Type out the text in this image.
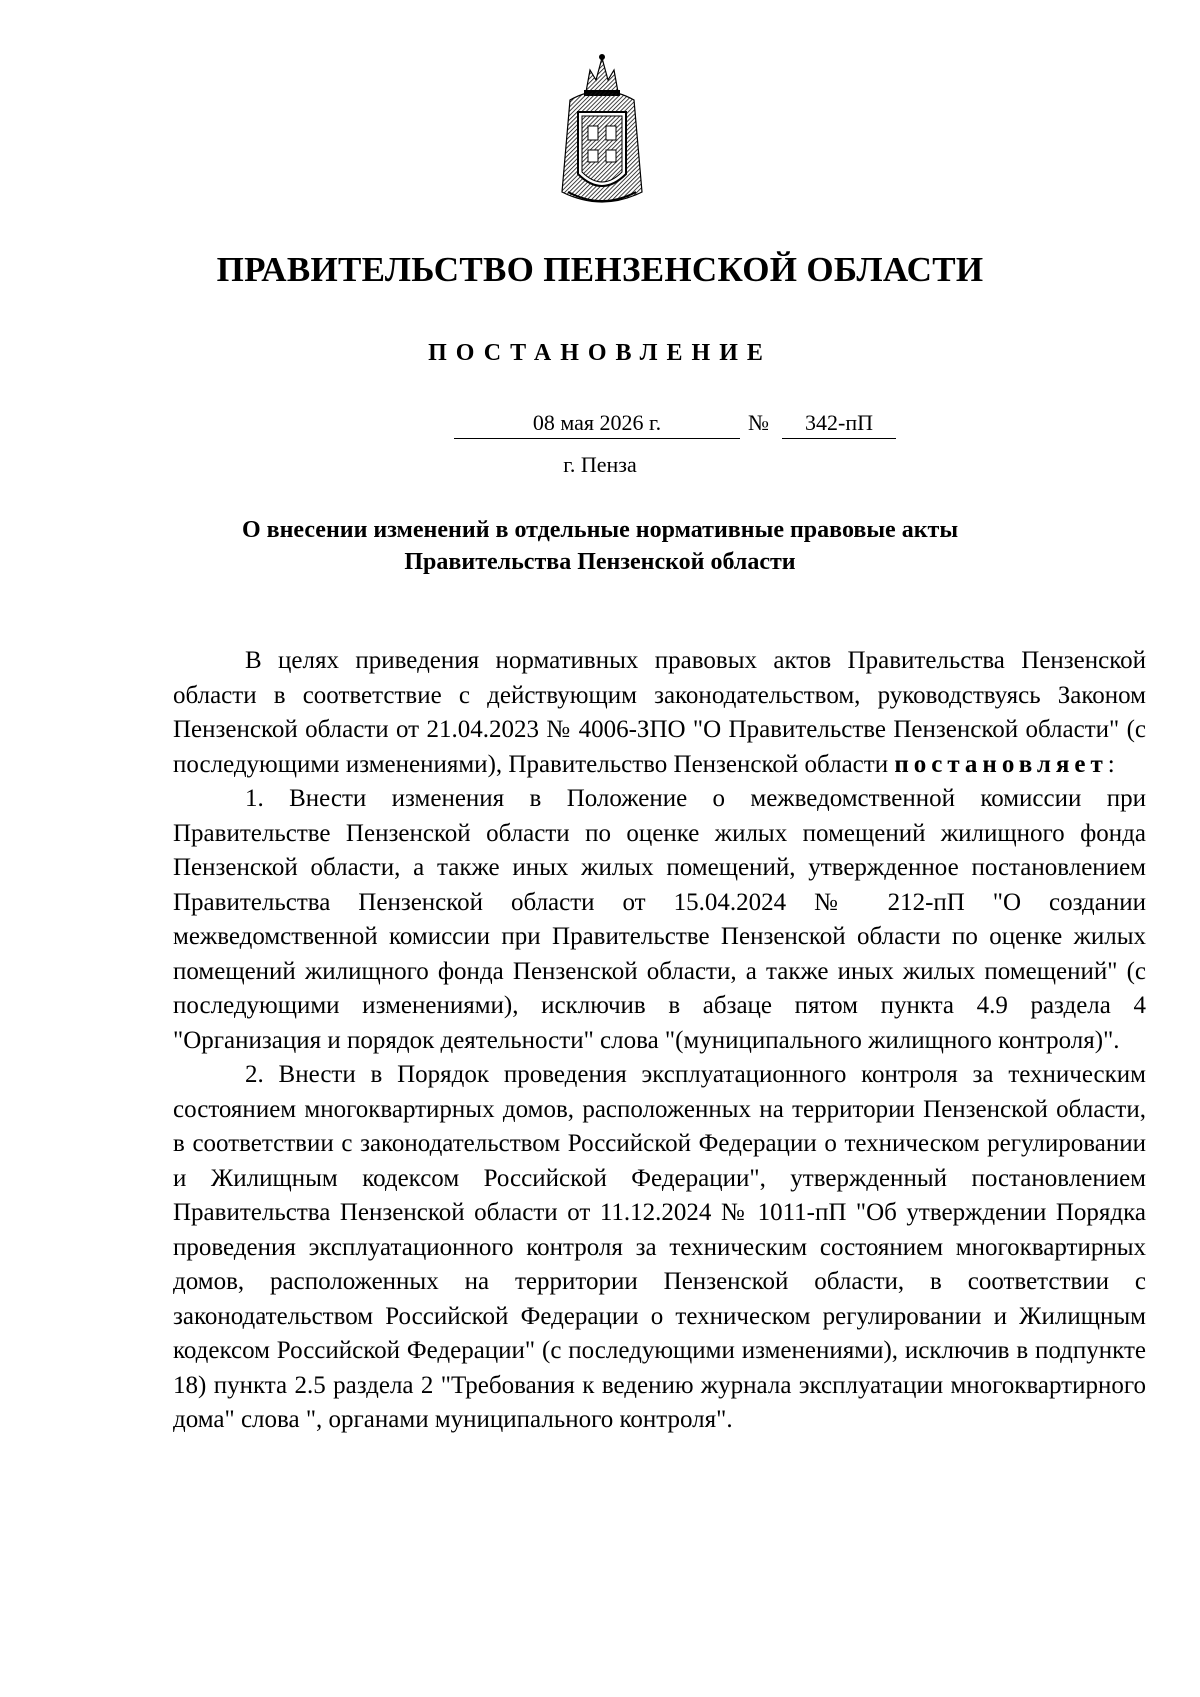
ПРАВИТЕЛЬСТВО ПЕНЗЕНСКОЙ ОБЛАСТИ
ПОСТАНОВЛЕНИЕ
08 мая 2026 г.	№	342-пП
г. Пенза
О внесении изменений в отдельные нормативные правовые акты
Правительства Пензенской области

В целях приведения нормативных правовых актов Правительства Пензенской области в соответствие с действующим законодательством, руководствуясь Законом Пензенской области от 21.04.2023 № 4006-ЗПО "О Правительстве Пензенской области" (с последующими изменениями), Правительство Пензенской области постановляет:

1. Внести изменения в Положение о межведомственной комиссии при Правительстве Пензенской области по оценке жилых помещений жилищного фонда Пензенской области, а также иных жилых помещений, утвержденное постановлением Правительства Пензенской области от 15.04.2024 № 212-пП "О создании межведомственной комиссии при Правительстве Пензенской области по оценке жилых помещений жилищного фонда Пензенской области, а также иных жилых помещений" (с последующими изменениями), исключив в абзаце пятом пункта 4.9 раздела 4 "Организация и порядок деятельности" слова "(муниципального жилищного контроля)".

2. Внести в Порядок проведения эксплуатационного контроля за техническим состоянием многоквартирных домов, расположенных на территории Пензенской области, в соответствии с законодательством Российской Федерации о техническом регулировании и Жилищным кодексом Российской Федерации", утвержденный постановлением Правительства Пензенской области от 11.12.2024 № 1011-пП "Об утверждении Порядка проведения эксплуатационного контроля за техническим состоянием многоквартирных домов, расположенных на территории Пензенской области, в соответствии с законодательством Российской Федерации о техническом регулировании и Жилищным кодексом Российской Федерации" (с последующими изменениями), исключив в подпункте 18) пункта 2.5 раздела 2 "Требования к ведению журнала эксплуатации многоквартирного дома" слова ", органами муниципального контроля".
